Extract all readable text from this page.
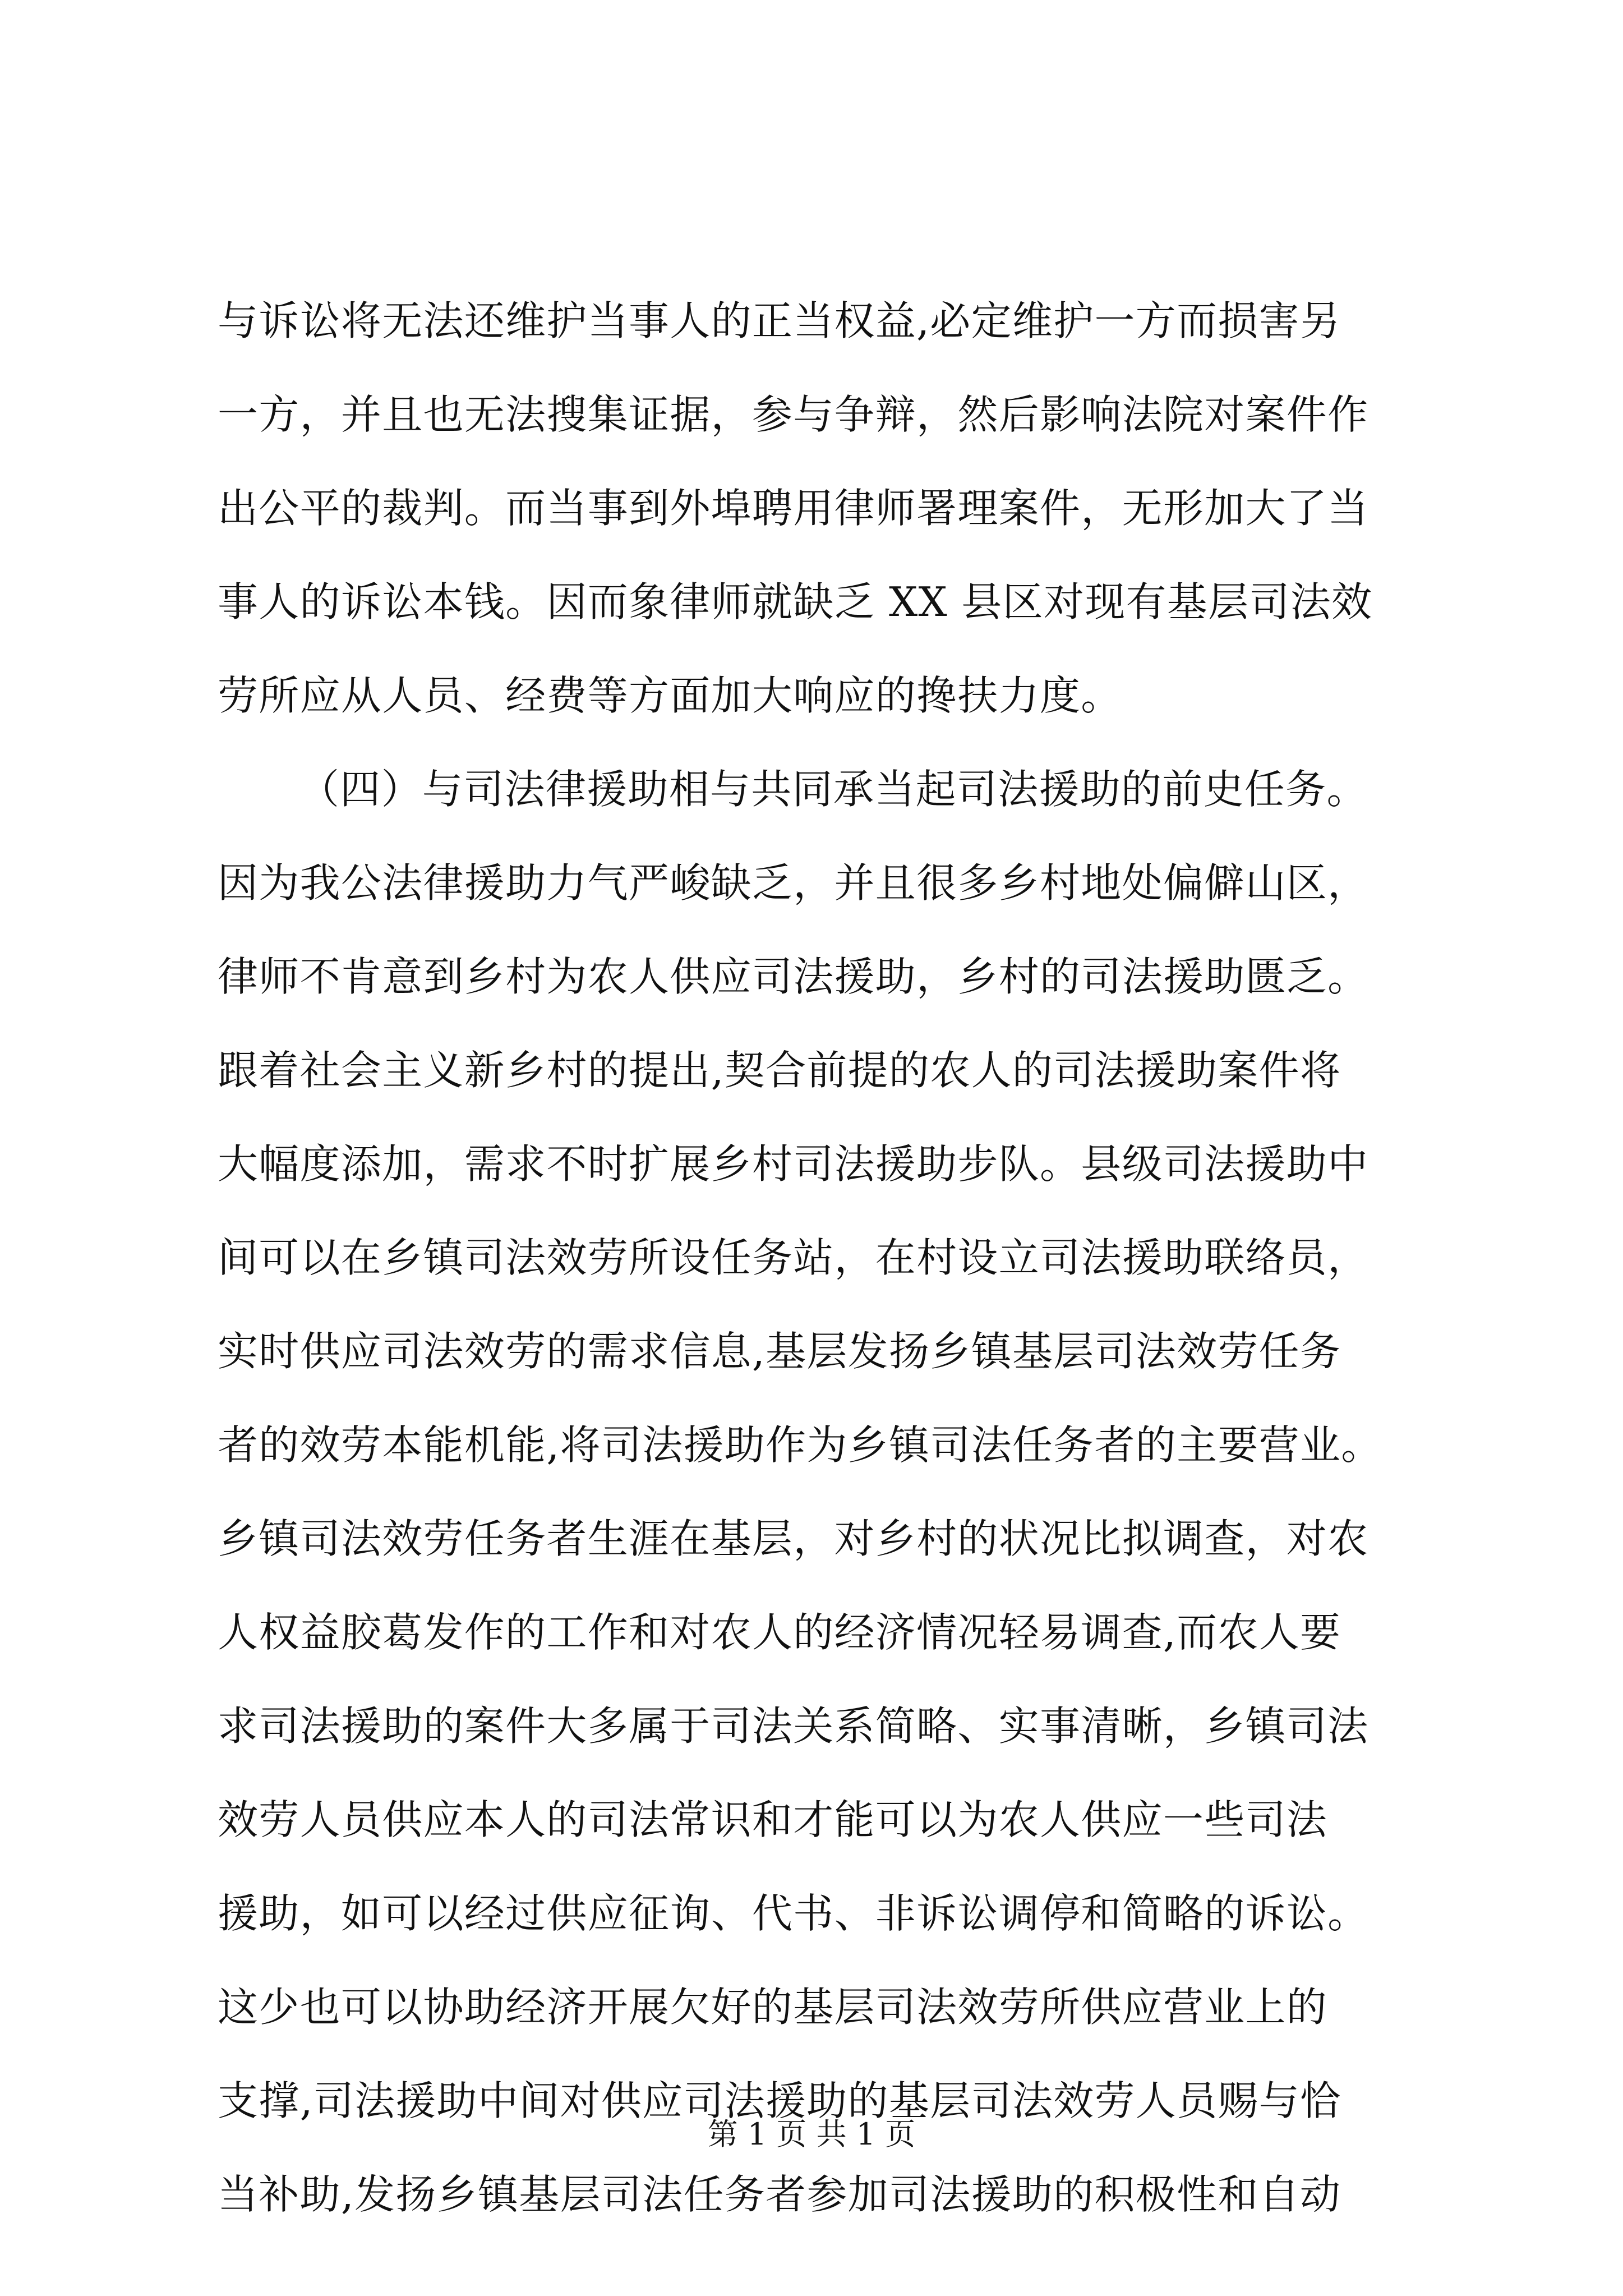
与诉讼将无法还维护当事人的正当权益,必定维护一方而损害另
一方，并且也无法搜集证据，参与争辩，然后影响法院对案件作
出公平的裁判。而当事到外埠聘用律师署理案件，无形加大了当
事人的诉讼本钱。因而象律师就缺乏 XX 县区对现有基层司法效
劳所应从人员、经费等方面加大响应的搀扶力度。
（四）与司法律援助相与共同承当起司法援助的前史任务。
因为我公法律援助力气严峻缺乏，并且很多乡村地处偏僻山区，
律师不肯意到乡村为农人供应司法援助，乡村的司法援助匮乏。
跟着社会主义新乡村的提出,契合前提的农人的司法援助案件将
大幅度添加，需求不时扩展乡村司法援助步队。县级司法援助中
间可以在乡镇司法效劳所设任务站，在村设立司法援助联络员，
实时供应司法效劳的需求信息,基层发扬乡镇基层司法效劳任务
者的效劳本能机能,将司法援助作为乡镇司法任务者的主要营业。
乡镇司法效劳任务者生涯在基层，对乡村的状况比拟调查，对农
人权益胶葛发作的工作和对农人的经济情况轻易调查,而农人要
求司法援助的案件大多属于司法关系简略、实事清晰，乡镇司法
效劳人员供应本人的司法常识和才能可以为农人供应一些司法
援助，如可以经过供应征询、代书、非诉讼调停和简略的诉讼。
这少也可以协助经济开展欠好的基层司法效劳所供应营业上的
支撑,司法援助中间对供应司法援助的基层司法效劳人员赐与恰
当补助,发扬乡镇基层司法任务者参加司法援助的积极性和自动
第 1 页 共 1 页
